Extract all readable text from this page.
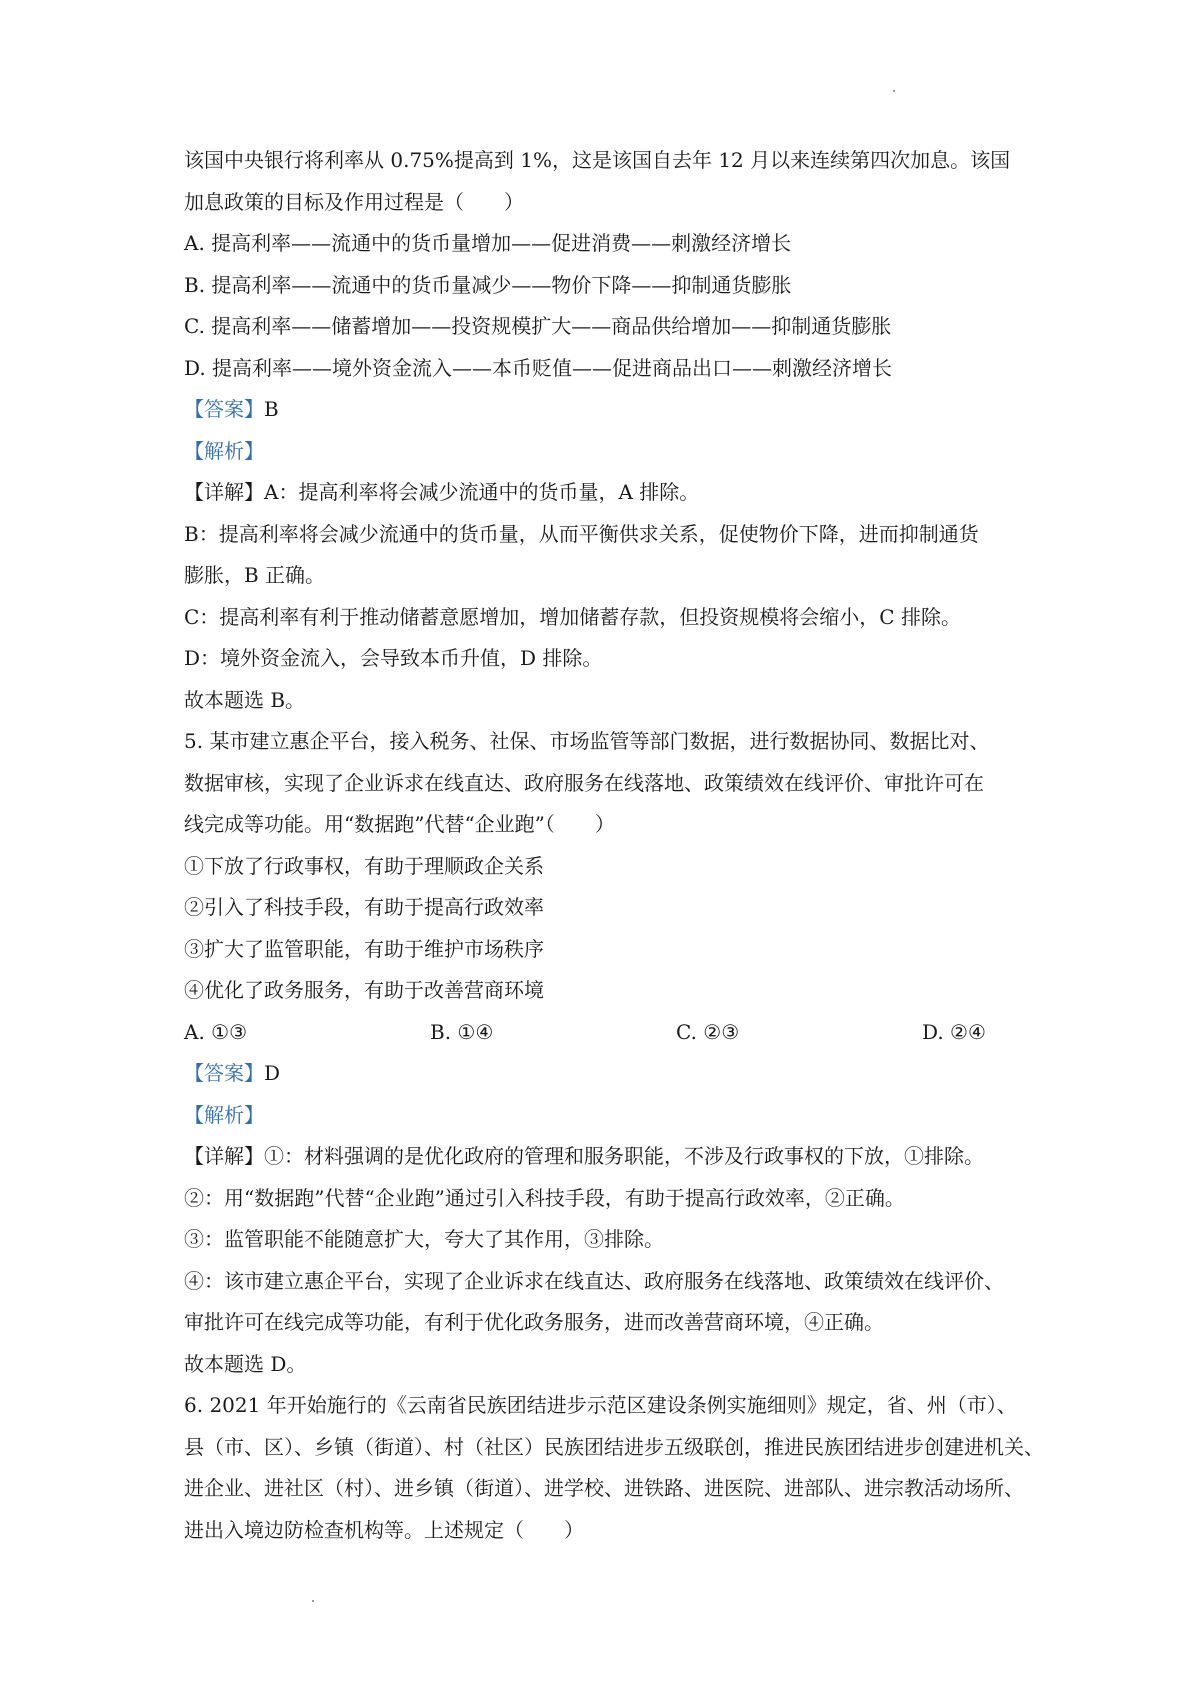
该国中央银行将利率从 0.75%提高到 1%，这是该国自去年 12 月以来连续第四次加息。该国
加息政策的目标及作用过程是（　　）
A. 提高利率——流通中的货币量增加——促进消费——刺激经济增长
B. 提高利率——流通中的货币量减少——物价下降——抑制通货膨胀
C. 提高利率——储蓄增加——投资规模扩大——商品供给增加——抑制通货膨胀
D. 提高利率——境外资金流入——本币贬值——促进商品出口——刺激经济增长
【答案】B
【解析】
【详解】A：提高利率将会减少流通中的货币量，A 排除。
B：提高利率将会减少流通中的货币量，从而平衡供求关系，促使物价下降，进而抑制通货
膨胀，B 正确。
C：提高利率有利于推动储蓄意愿增加，增加储蓄存款，但投资规模将会缩小，C 排除。
D：境外资金流入，会导致本币升值，D 排除。
故本题选 B。
5. 某市建立惠企平台，接入税务、社保、市场监管等部门数据，进行数据协同、数据比对、
数据审核，实现了企业诉求在线直达、政府服务在线落地、政策绩效在线评价、审批许可在
线完成等功能。用“数据跑”代替“企业跑”（　　）
①下放了行政事权，有助于理顺政企关系
②引入了科技手段，有助于提高行政效率
③扩大了监管职能，有助于维护市场秩序
④优化了政务服务，有助于改善营商环境
A. ①③	B. ①④	C. ②③	D. ②④
【答案】D
【解析】
【详解】①：材料强调的是优化政府的管理和服务职能，不涉及行政事权的下放，①排除。
②：用“数据跑”代替“企业跑”通过引入科技手段，有助于提高行政效率，②正确。
③：监管职能不能随意扩大，夸大了其作用，③排除。
④：该市建立惠企平台，实现了企业诉求在线直达、政府服务在线落地、政策绩效在线评价、
审批许可在线完成等功能，有利于优化政务服务，进而改善营商环境，④正确。
故本题选 D。
6. 2021 年开始施行的《云南省民族团结进步示范区建设条例实施细则》规定，省、州（市）、
县（市、区）、乡镇（街道）、村（社区）民族团结进步五级联创，推进民族团结进步创建进机关、
进企业、进社区（村）、进乡镇（街道）、进学校、进铁路、进医院、进部队、进宗教活动场所、
进出入境边防检查机构等。上述规定（　　）
